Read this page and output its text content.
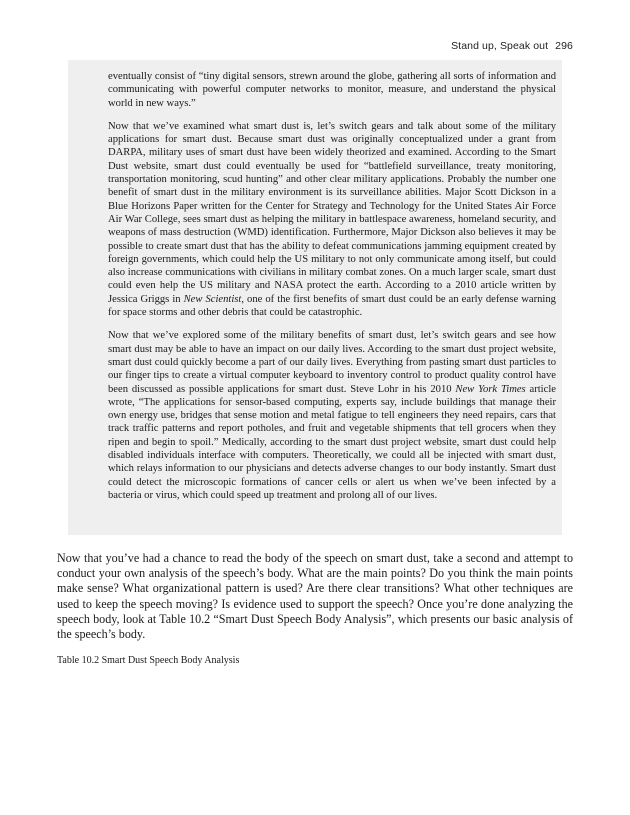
Stand up, Speak out 296

eventually consist of “tiny digital sensors, strewn around the globe, gathering all sorts of information and communicating with powerful computer networks to monitor, measure, and understand the physical world in new ways.”

Now that we’ve examined what smart dust is, let’s switch gears and talk about some of the military applications for smart dust. Because smart dust was originally conceptualized under a grant from DARPA, military uses of smart dust have been widely theorized and examined. According to the Smart Dust website, smart dust could eventually be used for “battlefield surveillance, treaty monitoring, transportation monitoring, scud hunting” and other clear military applications. Probably the number one benefit of smart dust in the military environment is its surveillance abilities. Major Scott Dickson in a Blue Horizons Paper written for the Center for Strategy and Technology for the United States Air Force Air War College, sees smart dust as helping the military in battlespace awareness, homeland security, and weapons of mass destruction (WMD) identification. Furthermore, Major Dickson also believes it may be possible to create smart dust that has the ability to defeat communications jamming equipment created by foreign governments, which could help the US military to not only communicate among itself, but could also increase communications with civilians in military combat zones. On a much larger scale, smart dust could even help the US military and NASA protect the earth. According to a 2010 article written by Jessica Griggs in New Scientist, one of the first benefits of smart dust could be an early defense warning for space storms and other debris that could be catastrophic.

Now that we’ve explored some of the military benefits of smart dust, let’s switch gears and see how smart dust may be able to have an impact on our daily lives. According to the smart dust project website, smart dust could quickly become a part of our daily lives. Everything from pasting smart dust particles to our finger tips to create a virtual computer keyboard to inventory control to product quality control have been discussed as possible applications for smart dust. Steve Lohr in his 2010 New York Times article wrote, “The applications for sensor-based computing, experts say, include buildings that manage their own energy use, bridges that sense motion and metal fatigue to tell engineers they need repairs, cars that track traffic patterns and report potholes, and fruit and vegetable shipments that tell grocers when they ripen and begin to spoil.” Medically, according to the smart dust project website, smart dust could help disabled individuals interface with computers. Theoretically, we could all be injected with smart dust, which relays information to our physicians and detects adverse changes to our body instantly. Smart dust could detect the microscopic formations of cancer cells or alert us when we’ve been infected by a bacteria or virus, which could speed up treatment and prolong all of our lives.

Now that you’ve had a chance to read the body of the speech on smart dust, take a second and attempt to conduct your own analysis of the speech’s body. What are the main points? Do you think the main points make sense? What organizational pattern is used? Are there clear transitions? What other techniques are used to keep the speech moving? Is evidence used to support the speech? Once you’re done analyzing the speech body, look at Table 10.2 “Smart Dust Speech Body Analysis”, which presents our basic analysis of the speech’s body.

Table 10.2 Smart Dust Speech Body Analysis
